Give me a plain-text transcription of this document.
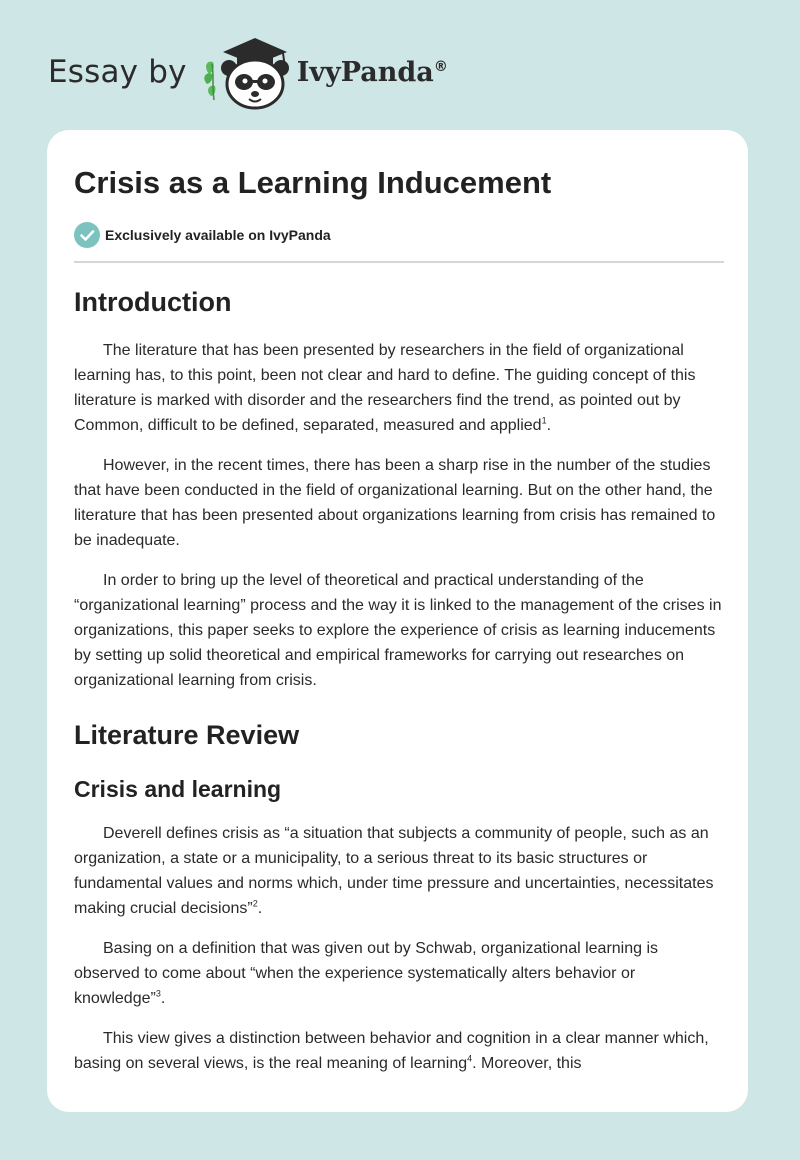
Essay by	IvyPanda®
Crisis as a Learning Inducement
Exclusively available on IvyPanda
Introduction

The literature that has been presented by researchers in the field of organizational learning has, to this point, been not clear and hard to define. The guiding concept of this literature is marked with disorder and the researchers find the trend, as pointed out by Common, difficult to be defined, separated, measured and applied$^1$.

However, in the recent times, there has been a sharp rise in the number of the studies that have been conducted in the field of organizational learning. But on the other hand, the literature that has been presented about organizations learning from crisis has remained to be inadequate.

In order to bring up the level of theoretical and practical understanding of the “organizational learning” process and the way it is linked to the management of the crises in organizations, this paper seeks to explore the experience of crisis as learning inducements by setting up solid theoretical and empirical frameworks for carrying out researches on organizational learning from crisis.

Literature Review
Crisis and learning

Deverell defines crisis as “a situation that subjects a community of people, such as an organization, a state or a municipality, to a serious threat to its basic structures or fundamental values and norms which, under time pressure and uncertainties, necessitates making crucial decisions”$^2$.

Basing on a definition that was given out by Schwab, organizational learning is observed to come about “when the experience systematically alters behavior or knowledge”$^3$.

This view gives a distinction between behavior and cognition in a clear manner which, basing on several views, is the real meaning of learning$^4$. Moreover, this
